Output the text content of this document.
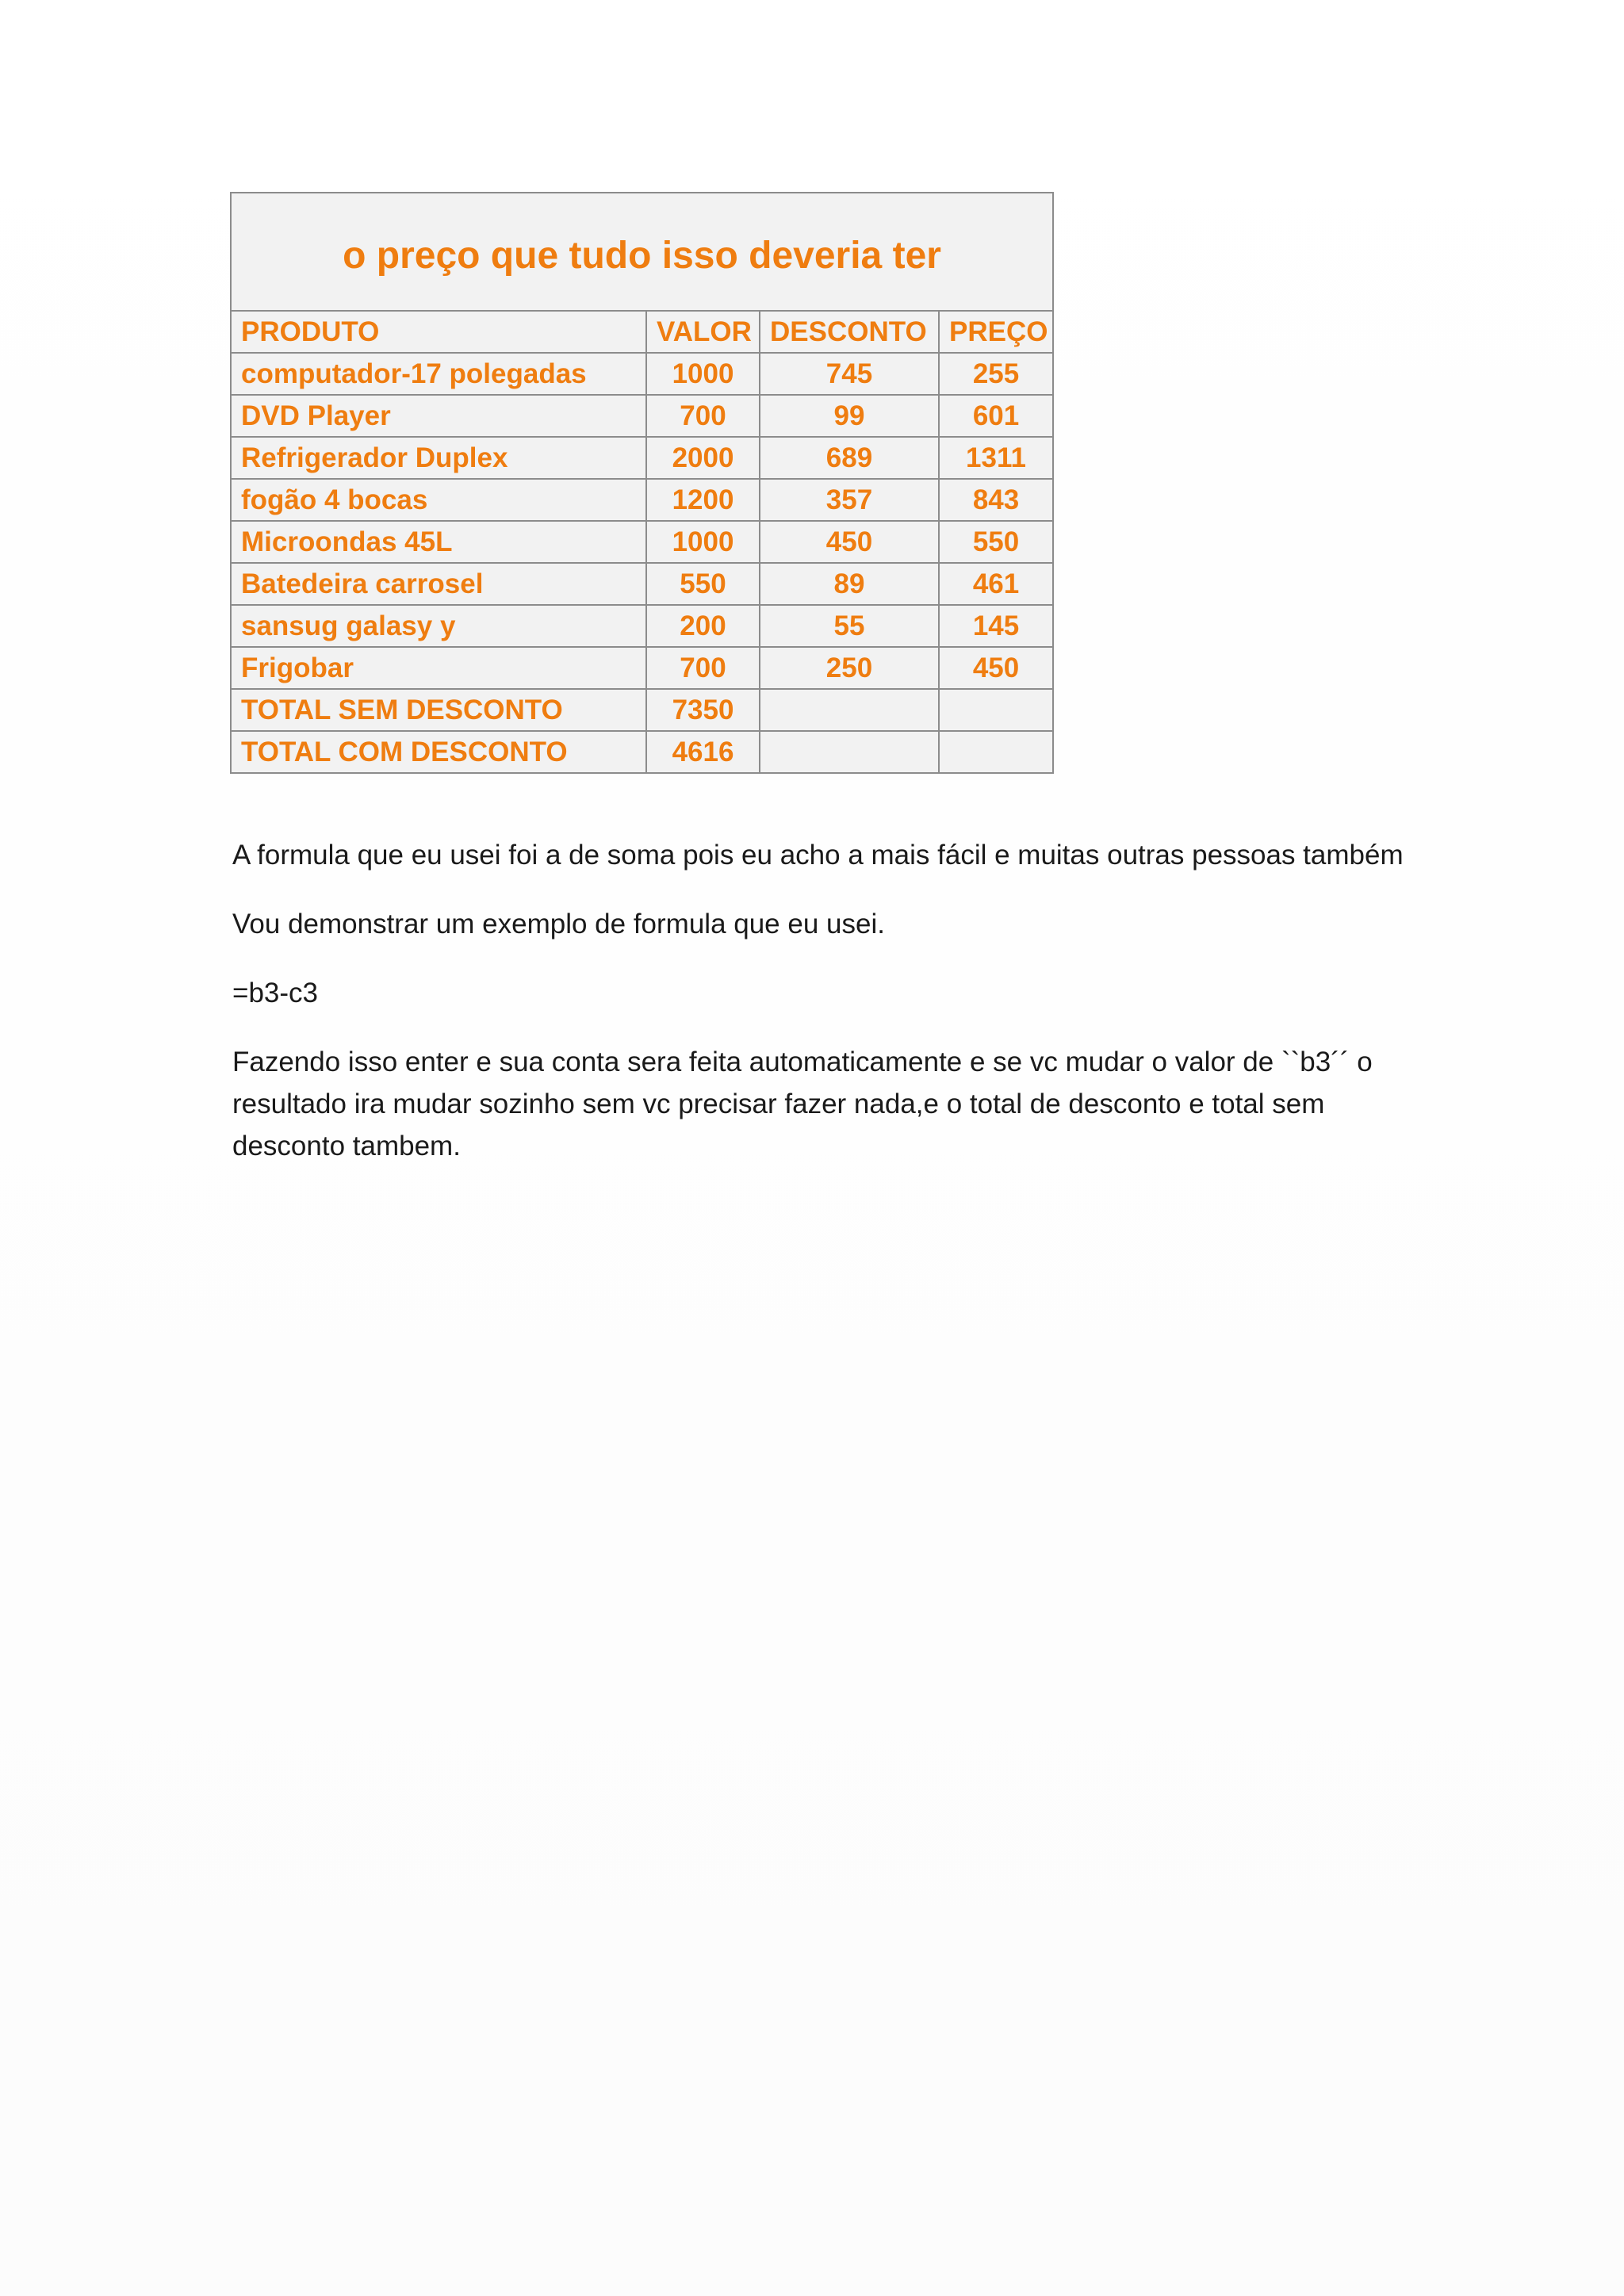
o preço que tudo isso deveria ter			
PRODUTO	VALOR	DESCONTO	PREÇO
computador-17 polegadas	1000	745	255
DVD Player	700	99	601
Refrigerador Duplex	2000	689	1311
fogão 4 bocas	1200	357	843
Microondas 45L	1000	450	550
Batedeira carrosel	550	89	461
sansug galasy y	200	55	145
Frigobar	700	250	450
TOTAL SEM DESCONTO	7350		
TOTAL COM DESCONTO	4616		

A formula que eu usei foi a de soma pois eu acho a mais fácil e muitas outras pessoas também

Vou demonstrar um exemplo de formula que eu usei.

=b3-c3

Fazendo isso enter e sua conta sera feita automaticamente e se vc mudar o valor de ``b3´´ o resultado ira mudar sozinho sem vc precisar fazer nada,e o total de desconto e total sem desconto tambem.
